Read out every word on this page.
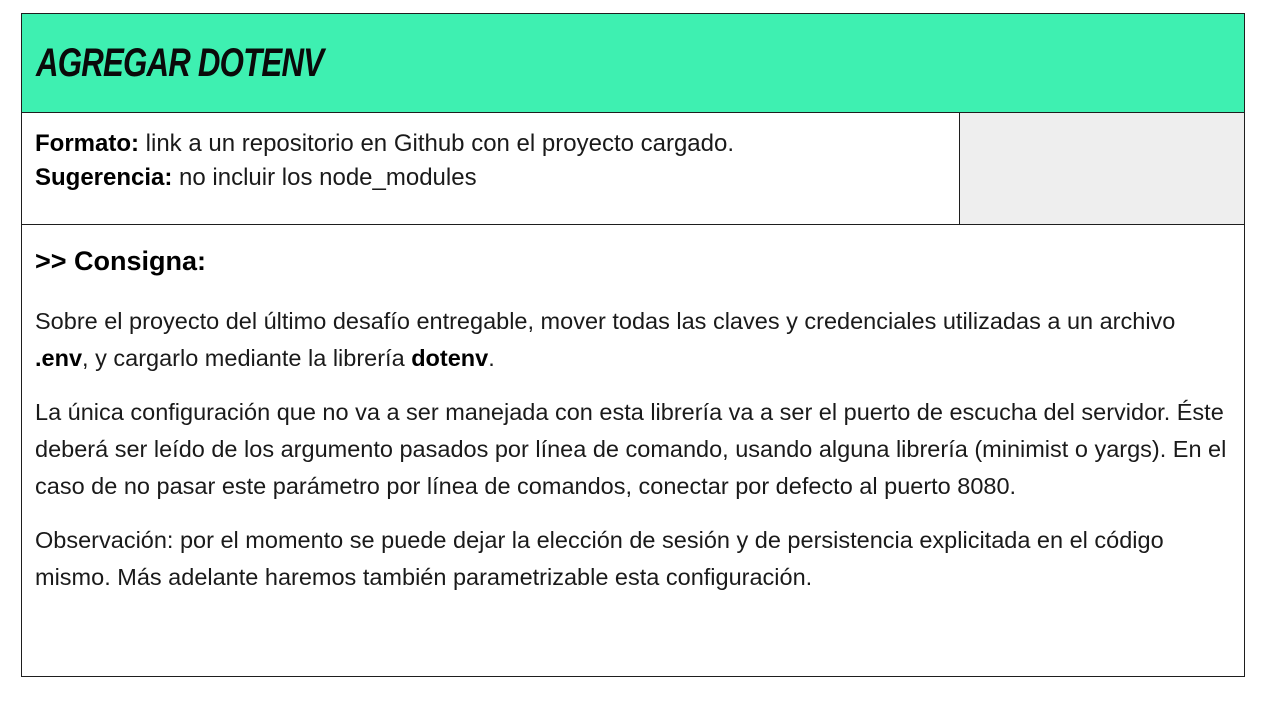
AGREGAR DOTENV
Formato: link a un repositorio en Github con el proyecto cargado.
Sugerencia: no incluir los node_modules
>> Consigna:

Sobre el proyecto del último desafío entregable, mover todas las claves y credenciales utilizadas a un archivo .env, y cargarlo mediante la librería dotenv.

La única configuración que no va a ser manejada con esta librería va a ser el puerto de escucha del servidor. Éste deberá ser leído de los argumento pasados por línea de comando, usando alguna librería (minimist o yargs). En el caso de no pasar este parámetro por línea de comandos, conectar por defecto al puerto 8080.

Observación: por el momento se puede dejar la elección de sesión y de persistencia explicitada en el código mismo. Más adelante haremos también parametrizable esta configuración.
